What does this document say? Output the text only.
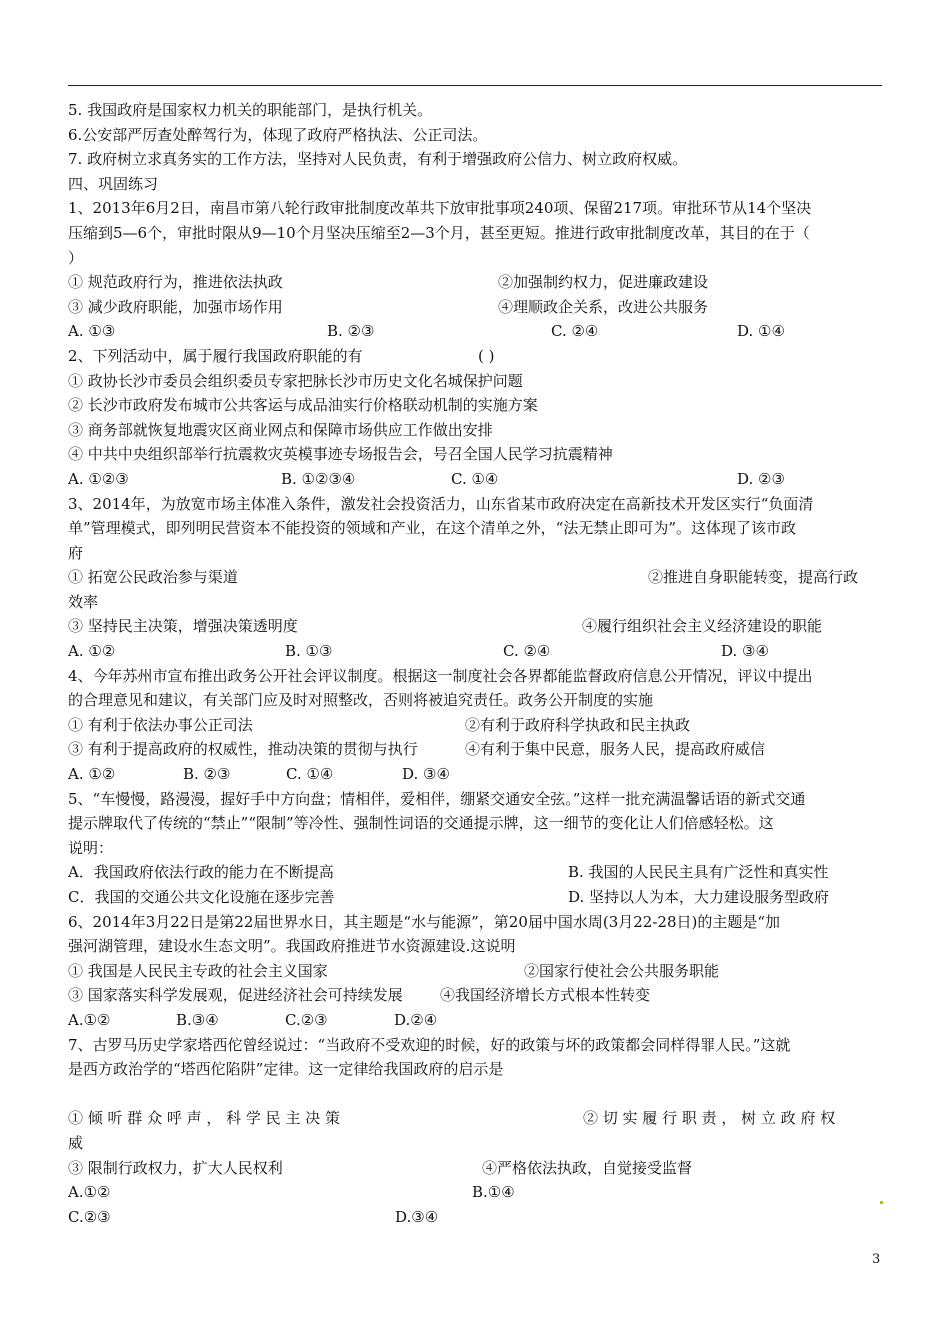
5. 我国政府是国家权力机关的职能部门，是执行机关。
6.公安部严厉查处醉驾行为，体现了政府严格执法、公正司法。
7. 政府树立求真务实的工作方法，坚持对人民负责，有利于增强政府公信力、树立政府权威。
四、巩固练习
1、2013年6月2日，南昌市第八轮行政审批制度改革共下放审批事项240项、保留217项。审批环节从14个坚决
压缩到5—6个，审批时限从9—10个月坚决压缩至2—3个月，甚至更短。推进行政审批制度改革，其目的在于（
）
① 规范政府行为，推进依法执政	②加强制约权力，促进廉政建设
③ 减少政府职能，加强市场作用	④理顺政企关系，改进公共服务
A. ①③	B. ②③	C. ②④	D. ①④
2、下列活动中，属于履行我国政府职能的有	( )
① 政协长沙市委员会组织委员专家把脉长沙市历史文化名城保护问题
② 长沙市政府发布城市公共客运与成品油实行价格联动机制的实施方案
③ 商务部就恢复地震灾区商业网点和保障市场供应工作做出安排
④ 中共中央组织部举行抗震救灾英模事迹专场报告会，号召全国人民学习抗震精神
A. ①②③	B. ①②③④	C. ①④	D. ②③
3、2014年，为放宽市场主体准入条件，激发社会投资活力，山东省某市政府决定在高新技术开发区实行“负面清
单”管理模式，即列明民营资本不能投资的领域和产业，在这个清单之外，“法无禁止即可为”。这体现了该市政
府
① 拓宽公民政治参与渠道	②推进自身职能转变，提高行政
效率
③ 坚持民主决策，增强决策透明度	④履行组织社会主义经济建设的职能
A. ①②	B. ①③	C. ②④	D. ③④
4、今年苏州市宣布推出政务公开社会评议制度。根据这一制度社会各界都能监督政府信息公开情况，评议中提出
的合理意见和建议，有关部门应及时对照整改，否则将被追究责任。政务公开制度的实施
① 有利于依法办事公正司法	②有利于政府科学执政和民主执政
③ 有利于提高政府的权威性，推动决策的贯彻与执行	④有利于集中民意，服务人民，提高政府威信
A. ①②	B. ②③	C. ①④	D. ③④
5、“车慢慢，路漫漫，握好手中方向盘；情相伴，爱相伴，绷紧交通安全弦。”这样一批充满温馨话语的新式交通
提示牌取代了传统的“禁止”“限制”等冷性、强制性词语的交通提示牌，这一细节的变化让人们倍感轻松。这
说明：
A．我国政府依法行政的能力在不断提高	B. 我国的人民民主具有广泛性和真实性
C．我国的交通公共文化设施在逐步完善	D. 坚持以人为本，大力建设服务型政府
6、2014年3月22日是第22届世界水日，其主题是“水与能源”，第20届中国水周(3月22-28日)的主题是“加
强河湖管理，建设水生态文明”。我国政府推进节水资源建设.这说明
① 我国是人民民主专政的社会主义国家	②国家行使社会公共服务职能
③ 国家落实科学发展观，促进经济社会可持续发展	④我国经济增长方式根本性转变
A.①②	B.③④	C.②③	D.②④
7、古罗马历史学家塔西佗曾经说过：“当政府不受欢迎的时候，好的政策与坏的政策都会同样得罪人民。”这就
是西方政治学的“塔西佗陷阱”定律。这一定律给我国政府的启示是
① 倾 听 群 众 呼 声 ， 科 学 民 主 决 策	② 切 实 履 行 职 责 ， 树 立 政 府 权
威
③ 限制行政权力，扩大人民权利	④严格依法执政，自觉接受监督
A.①②	B.①④
C.②③	D.③④
3
